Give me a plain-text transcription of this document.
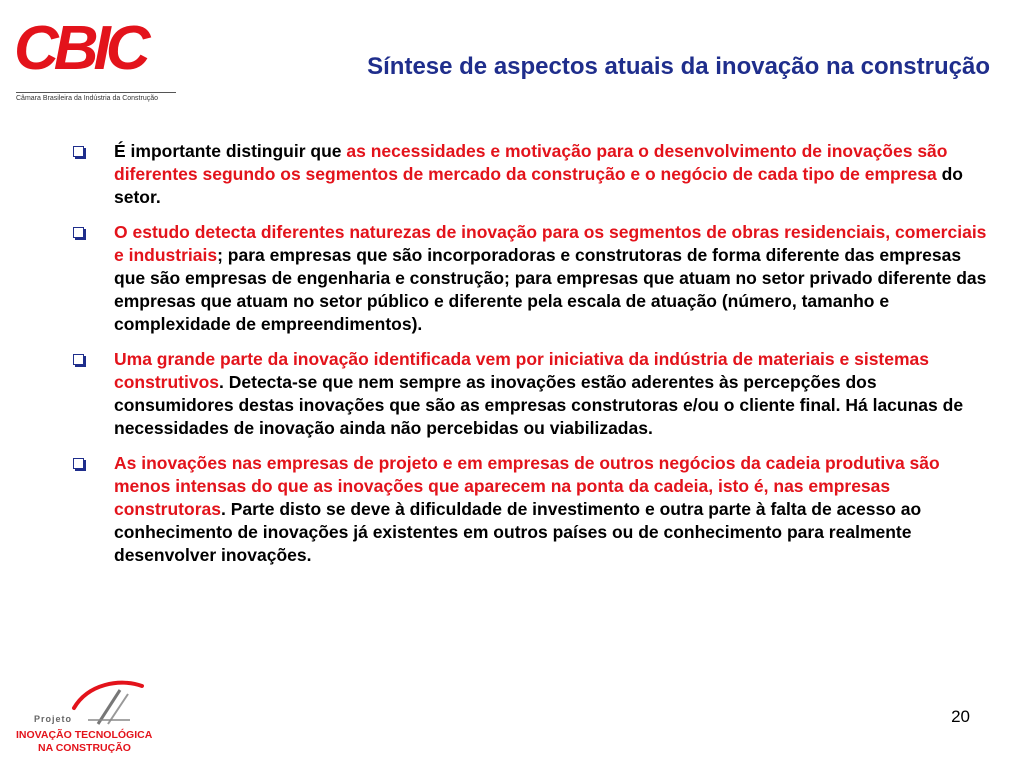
CBIC
Câmara Brasileira da Indústria da Construção
Síntese de aspectos atuais da inovação na construção
É importante distinguir que as necessidades e motivação para o desenvolvimento de inovações são diferentes segundo os segmentos de mercado da construção e o negócio de cada tipo de empresa do setor.
O estudo detecta diferentes naturezas de inovação para os segmentos de obras residenciais, comerciais e industriais; para empresas que são incorporadoras e construtoras de forma diferente das empresas que são empresas de engenharia e construção; para empresas que atuam no setor privado diferente das empresas que atuam no setor público e diferente pela escala de atuação (número, tamanho e complexidade de empreendimentos).
Uma grande parte da inovação identificada vem por iniciativa da indústria de materiais e sistemas construtivos. Detecta-se que nem sempre as inovações estão aderentes às percepções dos consumidores destas inovações que são as empresas construtoras e/ou o cliente final. Há lacunas de necessidades de inovação ainda não percebidas ou viabilizadas.
As inovações nas empresas de projeto e em empresas de outros negócios da cadeia produtiva são menos intensas do que as inovações que aparecem na ponta da cadeia, isto é, nas empresas construtoras. Parte disto se deve à dificuldade de investimento e outra parte à falta de acesso ao conhecimento de inovações já existentes em outros países ou de conhecimento para realmente desenvolver inovações.
Projeto
INOVAÇÃO TECNOLÓGICA
NA CONSTRUÇÃO
20
